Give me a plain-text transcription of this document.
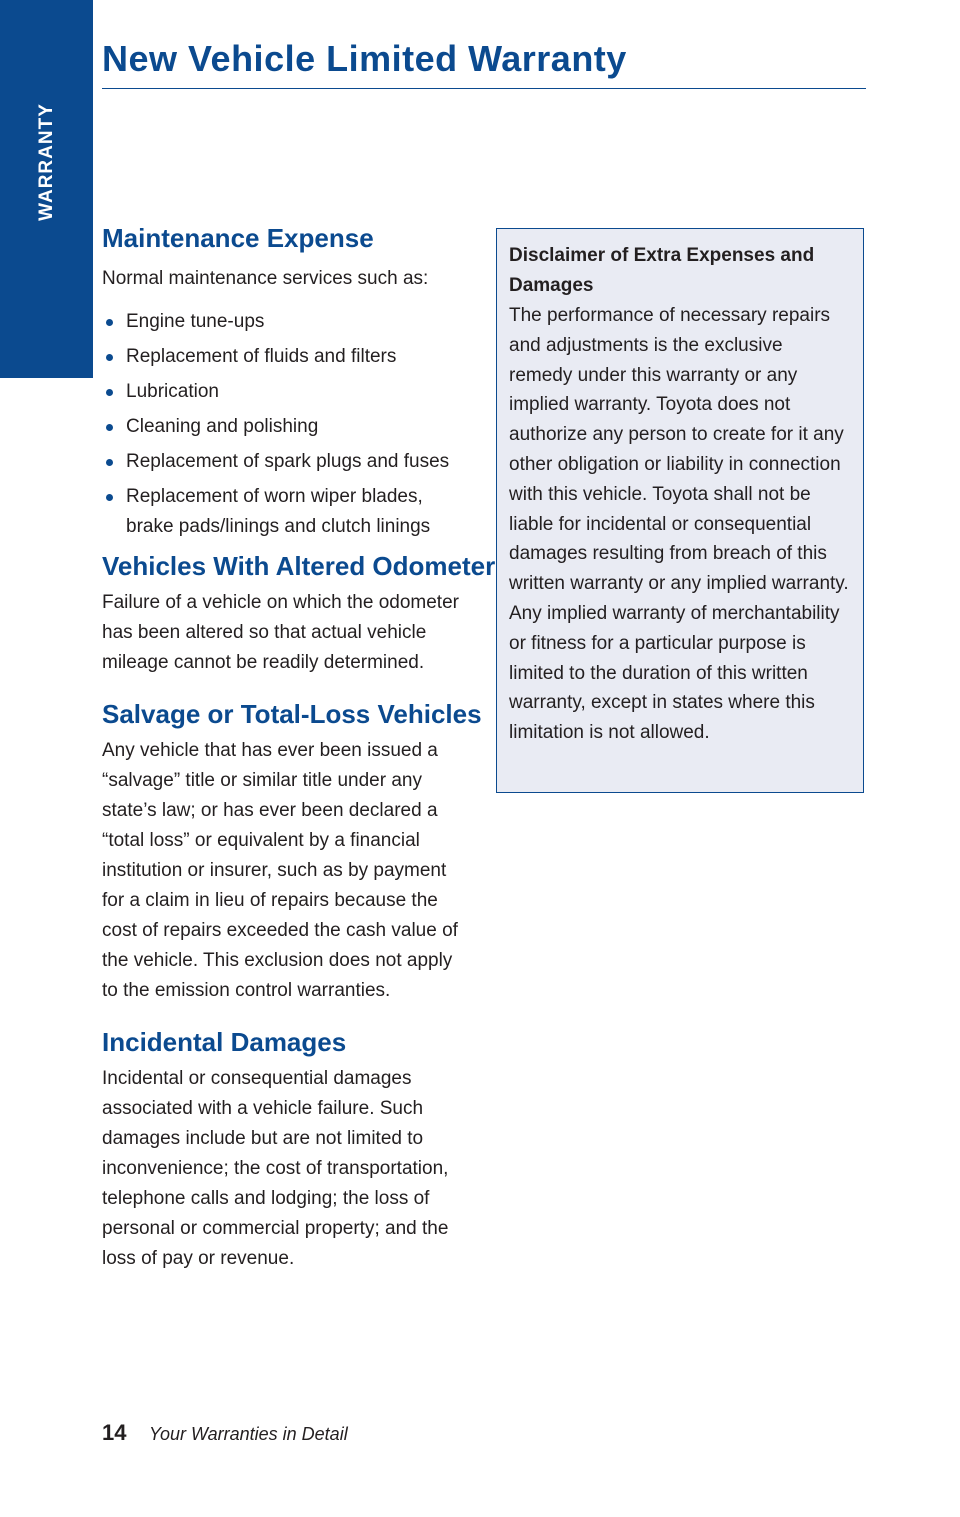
WARRANTY
New Vehicle Limited Warranty
Maintenance Expense

Normal maintenance services such as:

Engine tune-ups
Replacement of fluids and filters
Lubrication
Cleaning and polishing
Replacement of spark plugs and fuses
Replacement of worn wiper blades, brake pads/linings and clutch linings
Vehicles With Altered Odometer

Failure of a vehicle on which the odometer has been altered so that actual vehicle mileage cannot be readily determined.

Salvage or Total-Loss Vehicles

Any vehicle that has ever been issued a “salvage” title or similar title under any state’s law; or has ever been declared a “total loss” or equivalent by a financial institution or insurer, such as by payment for a claim in lieu of repairs because the cost of repairs exceeded the cash value of the vehicle. This exclusion does not apply to the emission control warranties.

Incidental Damages

Incidental or consequential damages associated with a vehicle failure. Such damages include but are not limited to inconvenience; the cost of transportation, telephone calls and lodging; the loss of personal or commercial property; and the loss of pay or revenue.

Disclaimer of Extra Expenses and Damages

The performance of necessary repairs and adjustments is the exclusive remedy under this warranty or any implied warranty. Toyota does not authorize any person to create for it any other obligation or liability in connection with this vehicle. Toyota shall not be liable for incidental or consequential damages resulting from breach of this written warranty or any implied warranty. Any implied warranty of merchantability or fitness for a particular purpose is limited to the duration of this written warranty, except in states where this limitation is not allowed.

14 Your Warranties in Detail
